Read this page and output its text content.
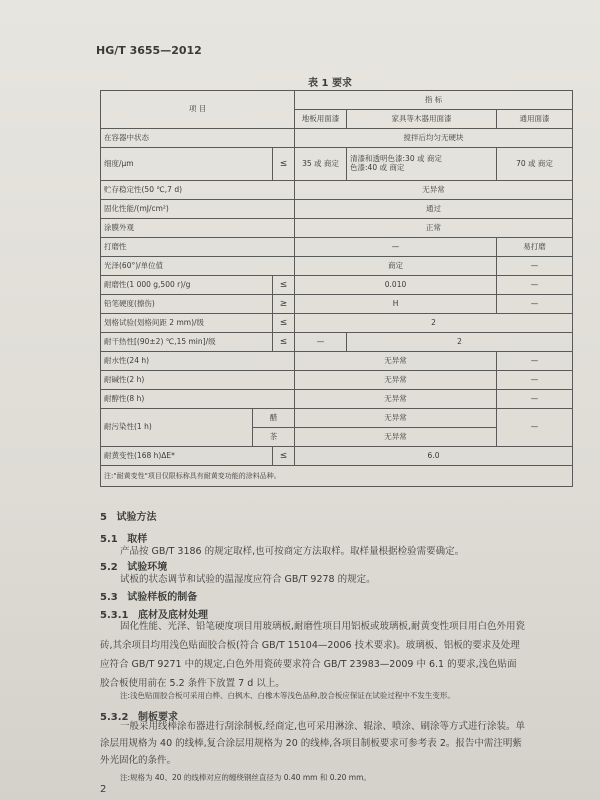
HG/T 3655—2012
表 1 要求
项 目			指 标		
			地板用面漆	家具等木器用面漆	通用面漆
在容器中状态			搅拌后均匀无硬块		
细度/μm		≤	35 或 商定	清漆和透明色漆:30 或 商定
色漆:40 或 商定	70 或 商定
贮存稳定性(50 ℃,7 d)			无异常		
固化性能/(mJ/cm²)			通过		
涂膜外观			正常		
打磨性			—		易打磨
光泽(60°)/单位值			商定		—
耐磨性(1 000 g,500 r)/g		≤	0.010		—
铅笔硬度(擦伤)		≥	H		—
划格试验(划格间距 2 mm)/级		≤	2		
耐干热性[(90±2) ℃,15 min]/级		≤	—	2	
耐水性(24 h)			无异常		—
耐碱性(2 h)			无异常		—
耐醇性(8 h)			无异常		—
耐污染性(1 h)	醋		无异常		—
	茶		无异常		
耐黄变性(168 h)ΔE*		≤	6.0		
注:"耐黄变性"项目仅限标称具有耐黄变功能的涂料品种。					
5 试验方法
5.1 取样
产品按 GB/T 3186 的规定取样,也可按商定方法取样。取样量根据检验需要确定。
5.2 试验环境
试板的状态调节和试验的温湿度应符合 GB/T 9278 的规定。
5.3 试验样板的制备
5.3.1 底材及底材处理
固化性能、光泽、铅笔硬度项目用玻璃板,耐磨性项目用铝板或玻璃板,耐黄变性项目用白色外用瓷
砖,其余项目均用浅色贴面胶合板(符合 GB/T 15104—2006 技术要求)。玻璃板、铝板的要求及处理
应符合 GB/T 9271 中的规定,白色外用瓷砖要求符合 GB/T 23983—2009 中 6.1 的要求,浅色贴面
胶合板使用前在 5.2 条件下放置 7 d 以上。
注:浅色贴面胶合板可采用白桦、白枫木、白橡木等浅色品种,胶合板应保证在试验过程中不发生变形。
5.3.2 制板要求
一般采用线棒涂布器进行刮涂制板,经商定,也可采用淋涂、辊涂、喷涂、刷涂等方式进行涂装。单
涂层用规格为 40 的线棒,复合涂层用规格为 20 的线棒,各项目制板要求可参考表 2。报告中需注明紫
外光固化的条件。
注:规格为 40、20 的线棒对应的缠绕钢丝直径为 0.40 mm 和 0.20 mm。
2
